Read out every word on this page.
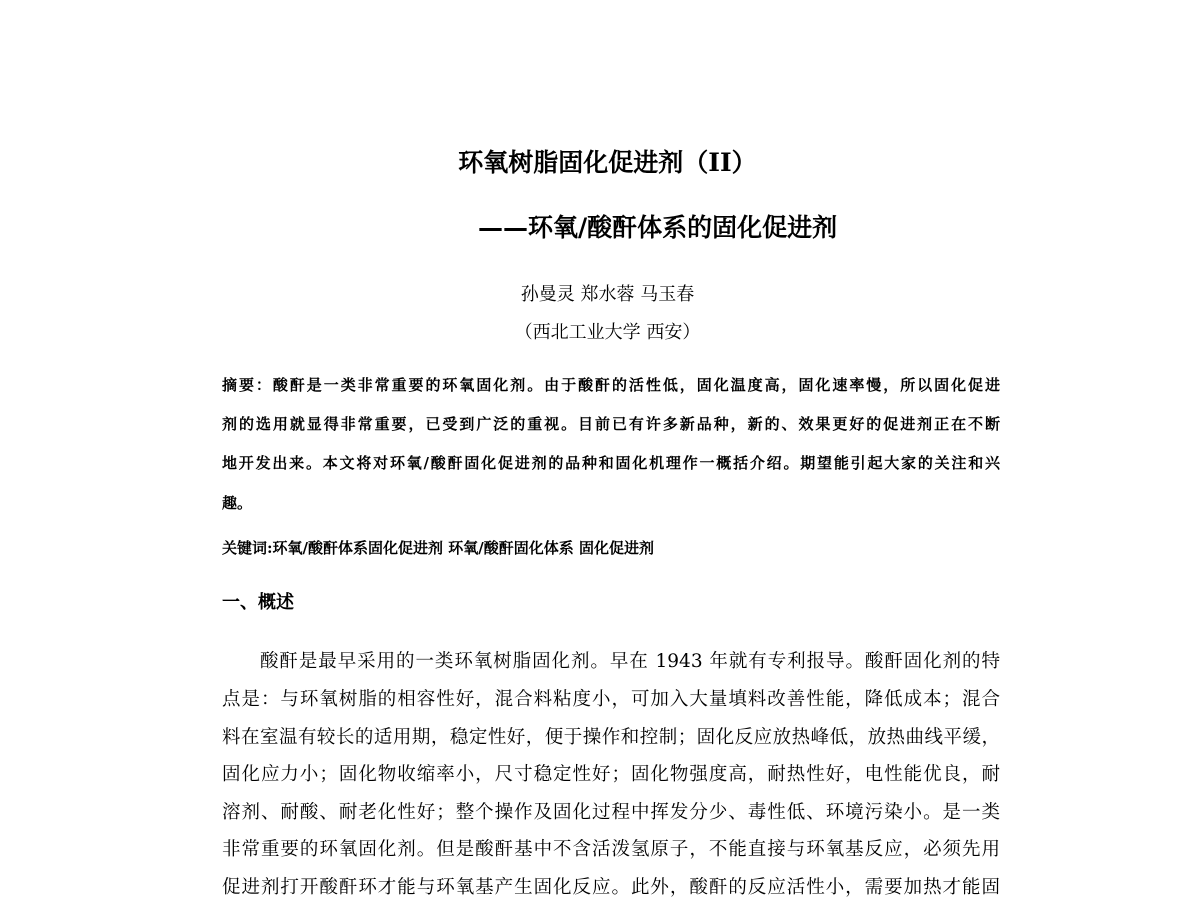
环氧树脂固化促进剂（II）
——环氧/酸酐体系的固化促进剂
孙曼灵 郑水蓉 马玉春
（西北工业大学 西安）
摘要：酸酐是一类非常重要的环氧固化剂。由于酸酐的活性低，固化温度高，固化速率慢，所以固化促进
剂的选用就显得非常重要，已受到广泛的重视。目前已有许多新品种，新的、效果更好的促进剂正在不断
地开发出来。本文将对环氧/酸酐固化促进剂的品种和固化机理作一概括介绍。期望能引起大家的关注和兴
趣。
关键词:环氧/酸酐体系固化促进剂 环氧/酸酐固化体系 固化促进剂
一、概述
酸酐是最早采用的一类环氧树脂固化剂。早在 1943 年就有专利报导。酸酐固化剂的特
点是：与环氧树脂的相容性好，混合料粘度小，可加入大量填料改善性能，降低成本；混合
料在室温有较长的适用期，稳定性好，便于操作和控制；固化反应放热峰低，放热曲线平缓，
固化应力小；固化物收缩率小，尺寸稳定性好；固化物强度高，耐热性好，电性能优良，耐
溶剂、耐酸、耐老化性好；整个操作及固化过程中挥发分少、毒性低、环境污染小。是一类
非常重要的环氧固化剂。但是酸酐基中不含活泼氢原子，不能直接与环氧基反应，必须先用
促进剂打开酸酐环才能与环氧基产生固化反应。此外，酸酐的反应活性小，需要加热才能固
